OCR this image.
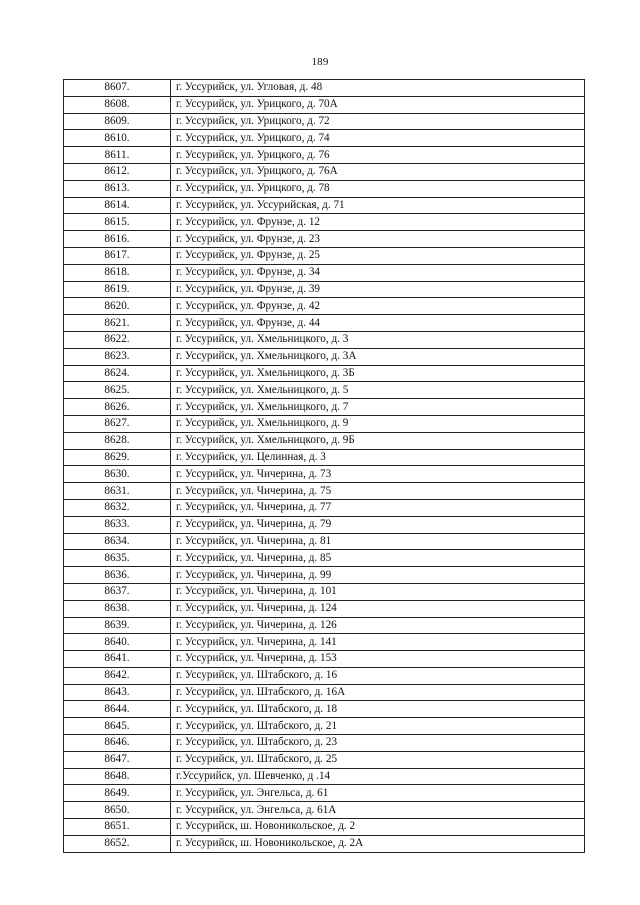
189
8607.	г. Уссурийск, ул. Угловая, д. 48
8608.	г. Уссурийск, ул. Урицкого, д. 70А
8609.	г. Уссурийск, ул. Урицкого, д. 72
8610.	г. Уссурийск, ул. Урицкого, д. 74
8611.	г. Уссурийск, ул. Урицкого, д. 76
8612.	г. Уссурийск, ул. Урицкого, д. 76А
8613.	г. Уссурийск, ул. Урицкого, д. 78
8614.	г. Уссурийск, ул. Уссурийская, д. 71
8615.	г. Уссурийск, ул. Фрунзе, д. 12
8616.	г. Уссурийск, ул. Фрунзе, д. 23
8617.	г. Уссурийск, ул. Фрунзе, д. 25
8618.	г. Уссурийск, ул. Фрунзе, д. 34
8619.	г. Уссурийск, ул. Фрунзе, д. 39
8620.	г. Уссурийск, ул. Фрунзе, д. 42
8621.	г. Уссурийск, ул. Фрунзе, д. 44
8622.	г. Уссурийск, ул. Хмельницкого, д. 3
8623.	г. Уссурийск, ул. Хмельницкого, д. 3А
8624.	г. Уссурийск, ул. Хмельницкого, д. 3Б
8625.	г. Уссурийск, ул. Хмельницкого, д. 5
8626.	г. Уссурийск, ул. Хмельницкого, д. 7
8627.	г. Уссурийск, ул. Хмельницкого, д. 9
8628.	г. Уссурийск, ул. Хмельницкого, д. 9Б
8629.	г. Уссурийск, ул. Целинная, д. 3
8630.	г. Уссурийск, ул. Чичерина, д. 73
8631.	г. Уссурийск, ул. Чичерина, д. 75
8632.	г. Уссурийск, ул. Чичерина, д. 77
8633.	г. Уссурийск, ул. Чичерина, д. 79
8634.	г. Уссурийск, ул. Чичерина, д. 81
8635.	г. Уссурийск, ул. Чичерина, д. 85
8636.	г. Уссурийск, ул. Чичерина, д. 99
8637.	г. Уссурийск, ул. Чичерина, д. 101
8638.	г. Уссурийск, ул. Чичерина, д. 124
8639.	г. Уссурийск, ул. Чичерина, д. 126
8640.	г. Уссурийск, ул. Чичерина, д. 141
8641.	г. Уссурийск, ул. Чичерина, д. 153
8642.	г. Уссурийск, ул. Штабского, д. 16
8643.	г. Уссурийск, ул. Штабского, д. 16А
8644.	г. Уссурийск, ул. Штабского, д. 18
8645.	г. Уссурийск, ул. Штабского, д. 21
8646.	г. Уссурийск, ул. Штабского, д. 23
8647.	г. Уссурийск, ул. Штабского, д. 25
8648.	г.Уссурийск, ул. Шевченко, д .14
8649.	г. Уссурийск, ул. Энгельса, д. 61
8650.	г. Уссурийск, ул. Энгельса, д. 61А
8651.	г. Уссурийск, ш. Новоникольское, д. 2
8652.	г. Уссурийск, ш. Новоникольское, д. 2А
